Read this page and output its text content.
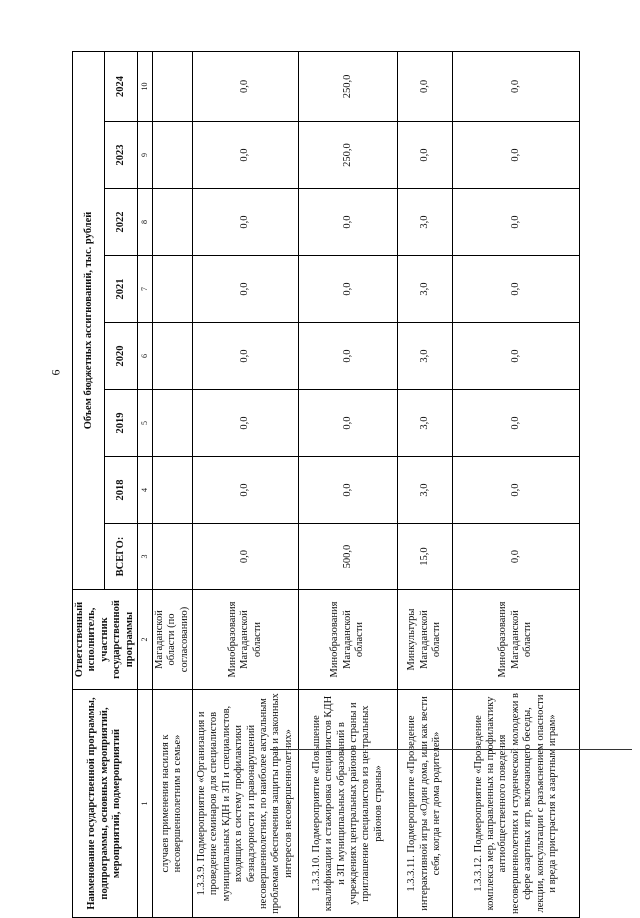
6
Наименование государственной программы, подпрограммы, основных мероприятий, мероприятий, подмероприятий	Ответственный исполнитель, участник государственной программы	Объем бюджетных ассигнований, тыс. рублей							
		ВСЕГО:	2018	2019	2020	2021	2022	2023	2024
1	2	3	4	5	6	7	8	9	10
случаев применения насилия к несовершеннолетним в семье»	Магаданской области (по согласованию)								
1.3.3.9. Подмероприятие «Организация и проведение семинаров для специалистов муниципальных КДН и ЗП и специалистов, входящих в систему профилактики безнадзорности и правонарушений несовершеннолетних, по наиболее актуальным проблемам обеспечения защиты прав и законных интересов несовершеннолетних»	Минобразования Магаданской области	0,0	0,0	0,0	0,0	0,0	0,0	0,0	0,0
1.3.3.10. Подмероприятие «Повышение квалификации и стажировка специалистов КДН и ЗП муниципальных образований в учреждениях центральных районов страны и приглашение специалистов из центральных районов страны»	Минобразования Магаданской области	500,0	0,0	0,0	0,0	0,0	0,0	250,0	250,0
1.3.3.11. Подмероприятие «Проведение интерактивной игры «Один дома, или как вести себя, когда нет дома родителей»	Минкультуры Магаданской области	15,0	3,0	3,0	3,0	3,0	3,0	0,0	0,0
1.3.3.12. Подмероприятие «Проведение комплекса мер, направленных на профилактику антиобщественного поведения несовершеннолетних и студенческой молодежи в сфере азартных игр, включающего беседы, лекции, консультации с разъяснением опасности и вреда пристрастия к азартным играм»	Минобразования Магаданской области	0,0	0,0	0,0	0,0	0,0	0,0	0,0	0,0
